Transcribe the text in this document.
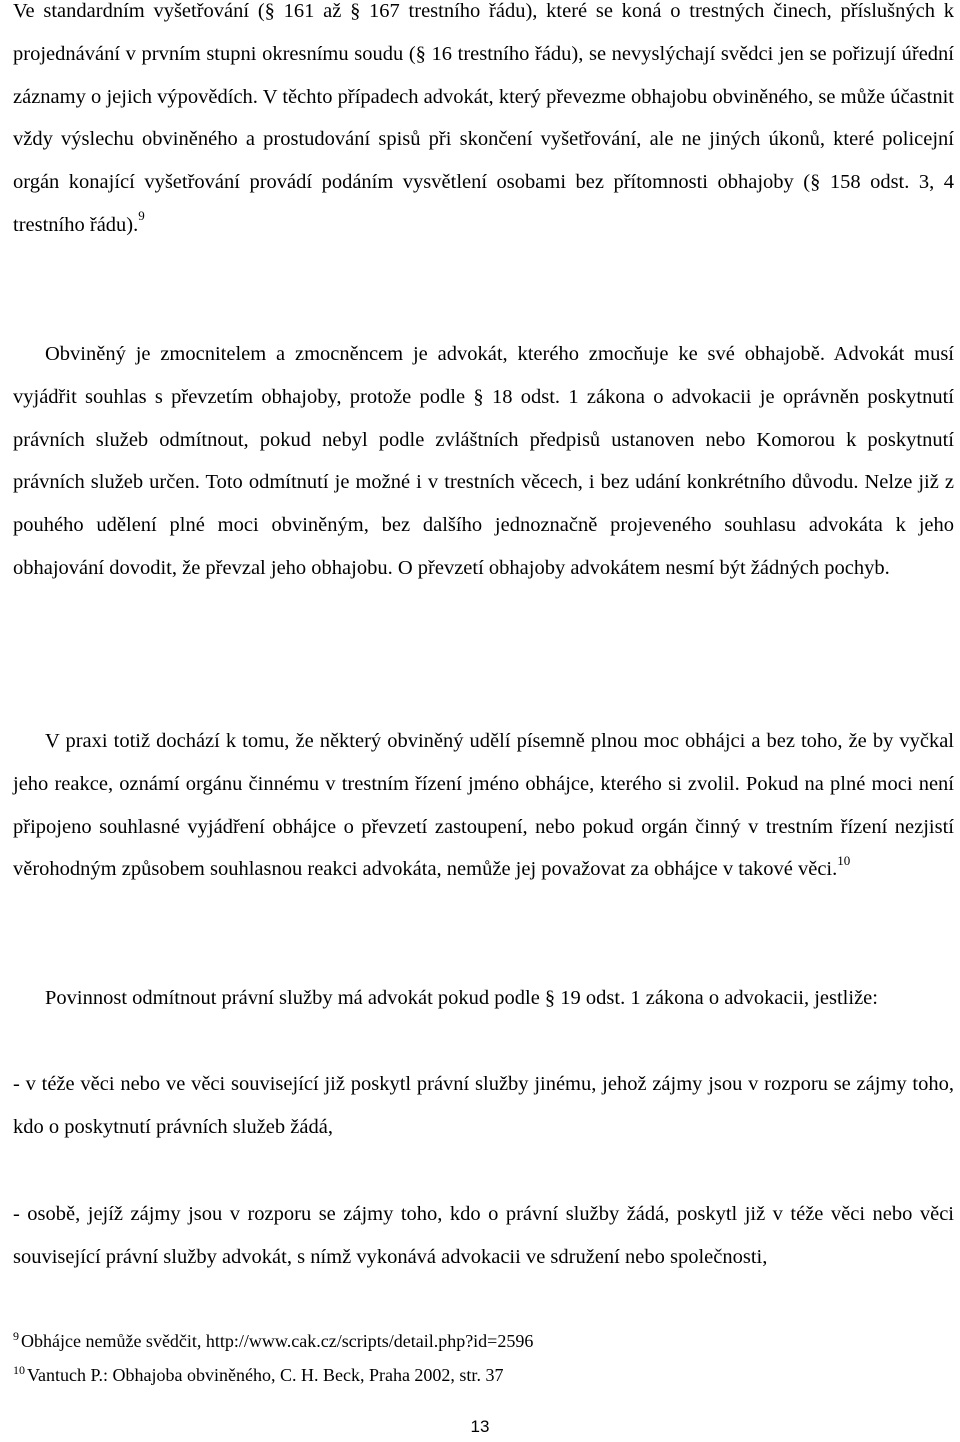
Ve standardním vyšetřování (§ 161 až § 167 trestního řádu), které se koná o trestných činech, příslušných k projednávání v prvním stupni okresnímu soudu (§ 16 trestního řádu), se nevyslýchají svědci jen se pořizují úřední záznamy o jejich výpovědích. V těchto případech advokát, který převezme obhajobu obviněného, se může účastnit vždy výslechu obviněného a prostudování spisů při skončení vyšetřování, ale ne jiných úkonů, které policejní orgán konající vyšetřování provádí podáním vysvětlení osobami bez přítomnosti obhajoby (§ 158 odst. 3, 4 trestního řádu).$^9$

Obviněný je zmocnitelem a zmocněncem je advokát, kterého zmocňuje ke své obhajobě. Advokát musí vyjádřit souhlas s převzetím obhajoby, protože podle § 18 odst. 1 zákona o advokacii je oprávněn poskytnutí právních služeb odmítnout, pokud nebyl podle zvláštních předpisů ustanoven nebo Komorou k poskytnutí právních služeb určen. Toto odmítnutí je možné i v trestních věcech, i bez udání konkrétního důvodu. Nelze již z pouhého udělení plné moci obviněným, bez dalšího jednoznačně projeveného souhlasu advokáta k jeho obhajování dovodit, že převzal jeho obhajobu. O převzetí obhajoby advokátem nesmí být žádných pochyb.

V praxi totiž dochází k tomu, že některý obviněný udělí písemně plnou moc obhájci a bez toho, že by vyčkal jeho reakce, oznámí orgánu činnému v trestním řízení jméno obhájce, kterého si zvolil. Pokud na plné moci není připojeno souhlasné vyjádření obhájce o převzetí zastoupení, nebo pokud orgán činný v trestním řízení nezjistí věrohodným způsobem souhlasnou reakci advokáta, nemůže jej považovat za obhájce v takové věci.$^{10}$

Povinnost odmítnout právní služby má advokát pokud podle § 19 odst. 1 zákona o advokacii, jestliže:

- v téže věci nebo ve věci související již poskytl právní služby jinému, jehož zájmy jsou v rozporu se zájmy toho, kdo o poskytnutí právních služeb žádá,

- osobě, jejíž zájmy jsou v rozporu se zájmy toho, kdo o právní služby žádá, poskytl již v téže věci nebo věci související právní služby advokát, s nímž vykonává advokacii ve sdružení nebo společnosti,

$^9$ Obhájce nemůže svědčit, http://www.cak.cz/scripts/detail.php?id=2596

$^{10}$ Vantuch P.: Obhajoba obviněného, C. H. Beck, Praha 2002, str. 37

13
